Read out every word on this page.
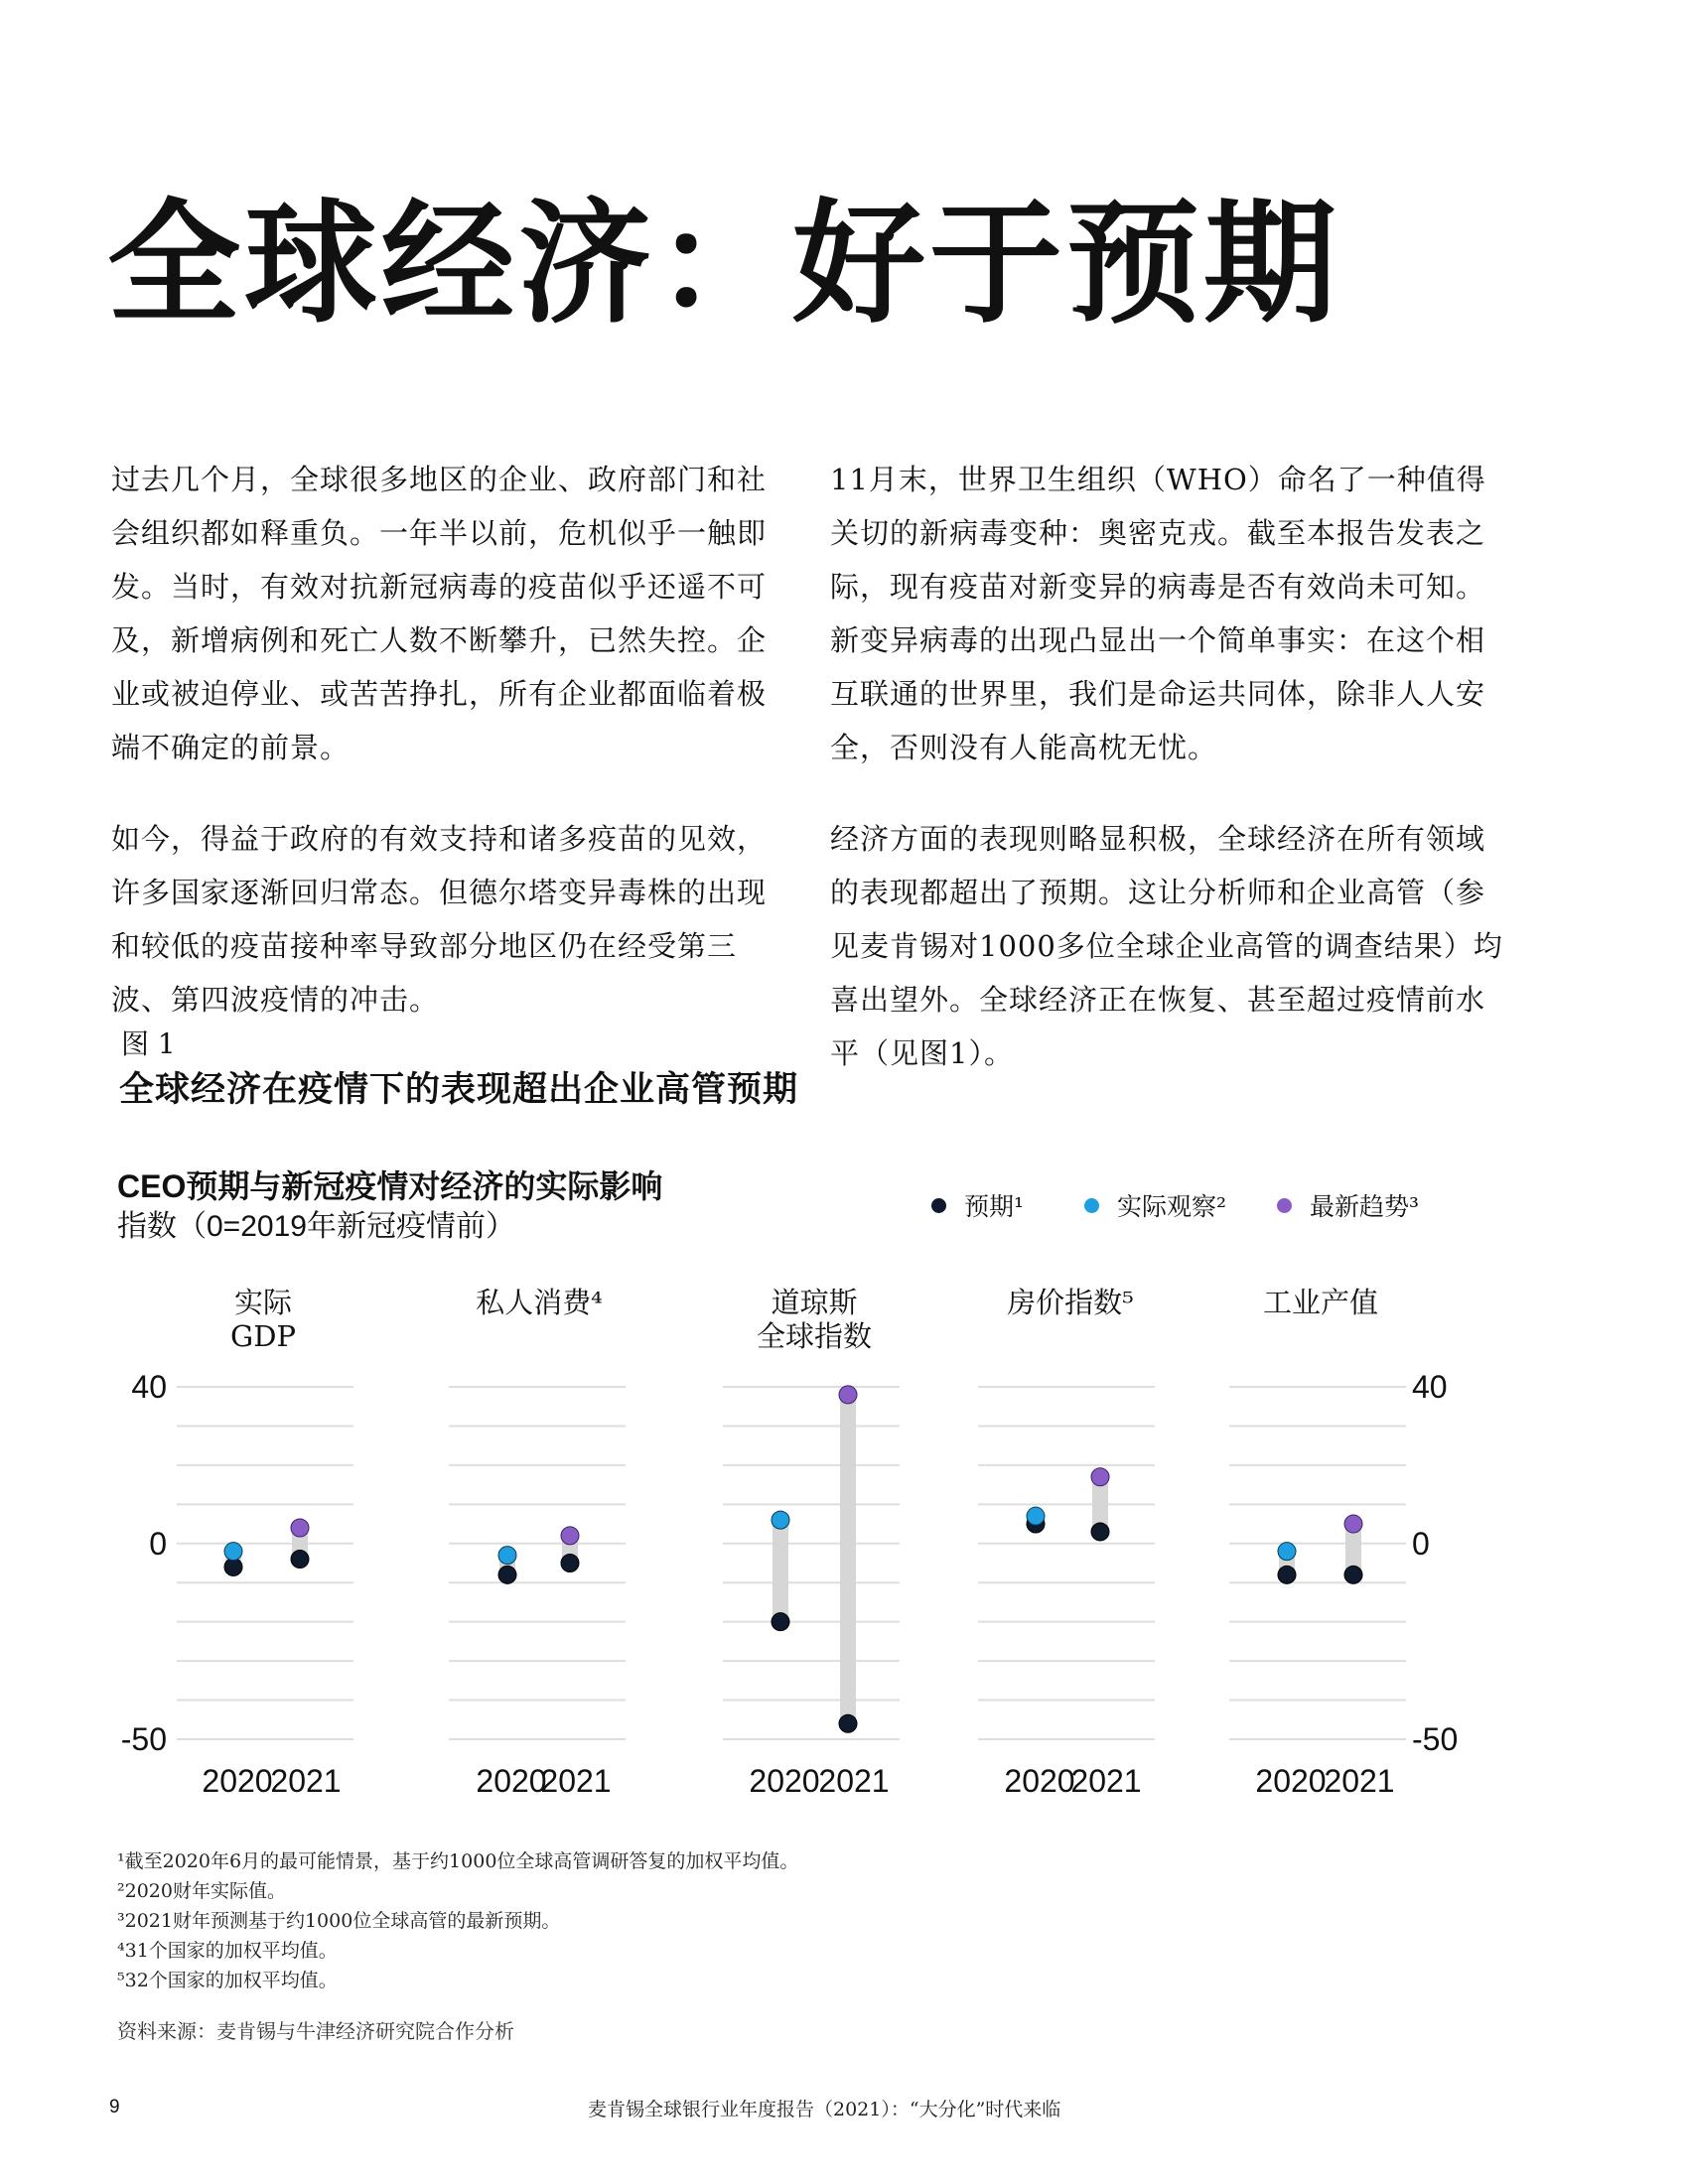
全球经济：好于预期

过去几个月，全球很多地区的企业、政府部门和社会组织都如释重负。一年半以前，危机似乎一触即发。当时，有效对抗新冠病毒的疫苗似乎还遥不可及，新增病例和死亡人数不断攀升，已然失控。企业或被迫停业、或苦苦挣扎，所有企业都面临着极端不确定的前景。

如今，得益于政府的有效支持和诸多疫苗的见效，许多国家逐渐回归常态。但德尔塔变异毒株的出现和较低的疫苗接种率导致部分地区仍在经受第三波、第四波疫情的冲击。

11月末，世界卫生组织（WHO）命名了一种值得关切的新病毒变种：奥密克戎。截至本报告发表之际，现有疫苗对新变异的病毒是否有效尚未可知。新变异病毒的出现凸显出一个简单事实：在这个相互联通的世界里，我们是命运共同体，除非人人安全，否则没有人能高枕无忧。

经济方面的表现则略显积极，全球经济在所有领域的表现都超出了预期。这让分析师和企业高管（参见麦肯锡对1000多位全球企业高管的调查结果）均喜出望外。全球经济正在恢复、甚至超过疫情前水平（见图1）。

图 1
全球经济在疫情下的表现超出企业高管预期
CEO预期与新冠疫情对经济的实际影响
指数（0=2019年新冠疫情前）
预期¹	实际观察²	最新趋势³
实际
GDP
2020
2021
私人消费⁴
2020
2021
道琼斯
全球指数
2020
2021
房价指数⁵
2020
2021
工业产值
2020
2021
40	40
0	0
-50	-50
¹截至2020年6月的最可能情景，基于约1000位全球高管调研答复的加权平均值。
²2020财年实际值。
³2021财年预测基于约1000位全球高管的最新预期。
⁴31个国家的加权平均值。
⁵32个国家的加权平均值。
资料来源：麦肯锡与牛津经济研究院合作分析
9	麦肯锡全球银行业年度报告（2021）：“大分化”时代来临
